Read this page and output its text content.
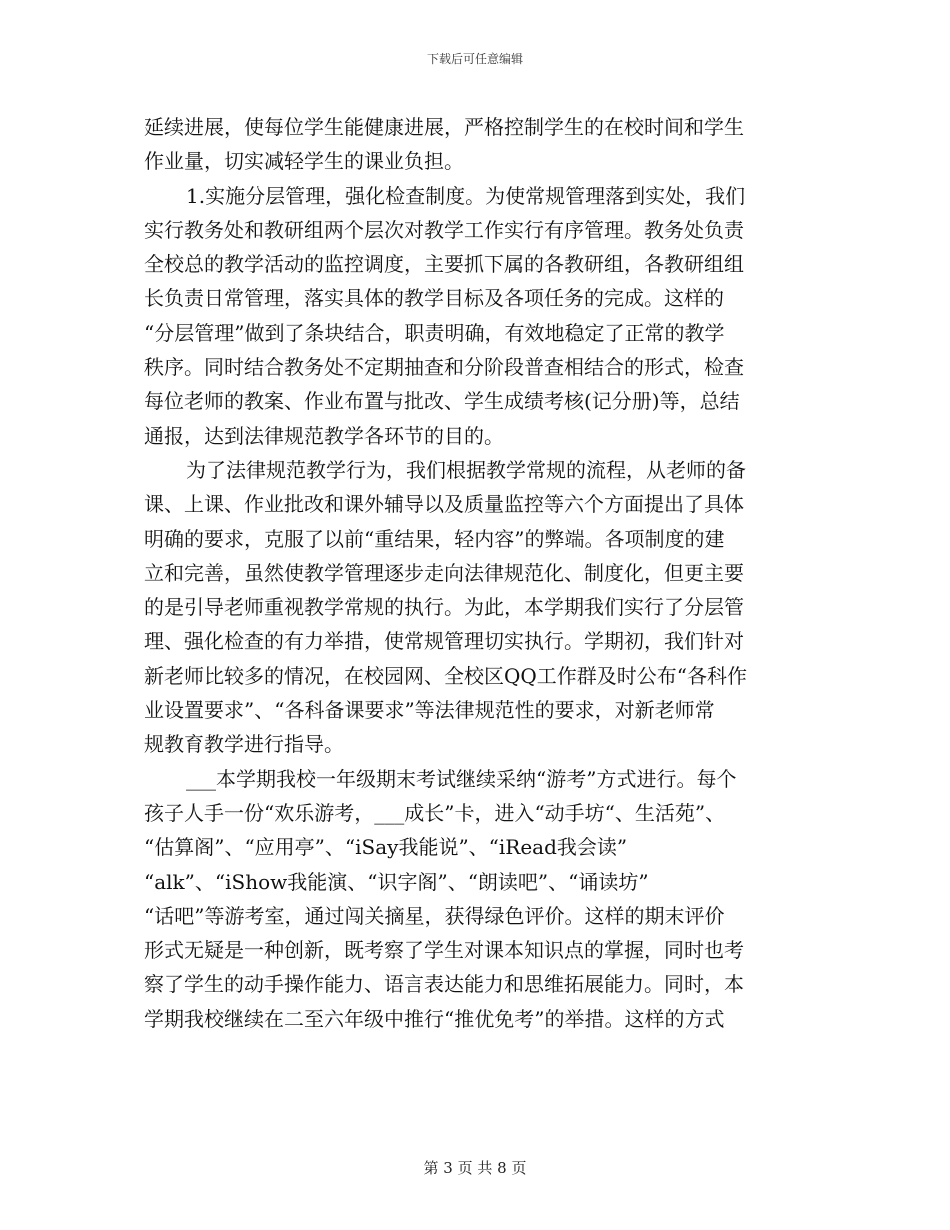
下载后可任意编辑
延续进展，使每位学生能健康进展，严格控制学生的在校时间和学生
作业量，切实减轻学生的课业负担。
1.实施分层管理，强化检查制度。为使常规管理落到实处，我们
实行教务处和教研组两个层次对教学工作实行有序管理。教务处负责
全校总的教学活动的监控调度，主要抓下属的各教研组，各教研组组
长负责日常管理，落实具体的教学目标及各项任务的完成。这样的
“分层管理”做到了条块结合，职责明确，有效地稳定了正常的教学
秩序。同时结合教务处不定期抽查和分阶段普查相结合的形式，检查
每位老师的教案、作业布置与批改、学生成绩考核(记分册)等，总结
通报，达到法律规范教学各环节的目的。
为了法律规范教学行为，我们根据教学常规的流程，从老师的备
课、上课、作业批改和课外辅导以及质量监控等六个方面提出了具体
明确的要求，克服了以前“重结果，轻内容”的弊端。各项制度的建
立和完善，虽然使教学管理逐步走向法律规范化、制度化，但更主要
的是引导老师重视教学常规的执行。为此，本学期我们实行了分层管
理、强化检查的有力举措，使常规管理切实执行。学期初，我们针对
新老师比较多的情况，在校园网、全校区QQ工作群及时公布“各科作
业设置要求”、“各科备课要求”等法律规范性的要求，对新老师常
规教育教学进行指导。
___本学期我校一年级期末考试继续采纳“游考”方式进行。每个
孩子人手一份“欢乐游考，___成长”卡，进入“动手坊“、生活苑”、
“估算阁”、“应用亭”、“iSay我能说”、“iRead我会读”
“alk”、“iShow我能演、“识字阁”、“朗读吧”、“诵读坊”
“话吧”等游考室，通过闯关摘星，获得绿色评价。这样的期末评价
形式无疑是一种创新，既考察了学生对课本知识点的掌握，同时也考
察了学生的动手操作能力、语言表达能力和思维拓展能力。同时，本
学期我校继续在二至六年级中推行“推优免考”的举措。这样的方式
第 3 页 共 8 页
